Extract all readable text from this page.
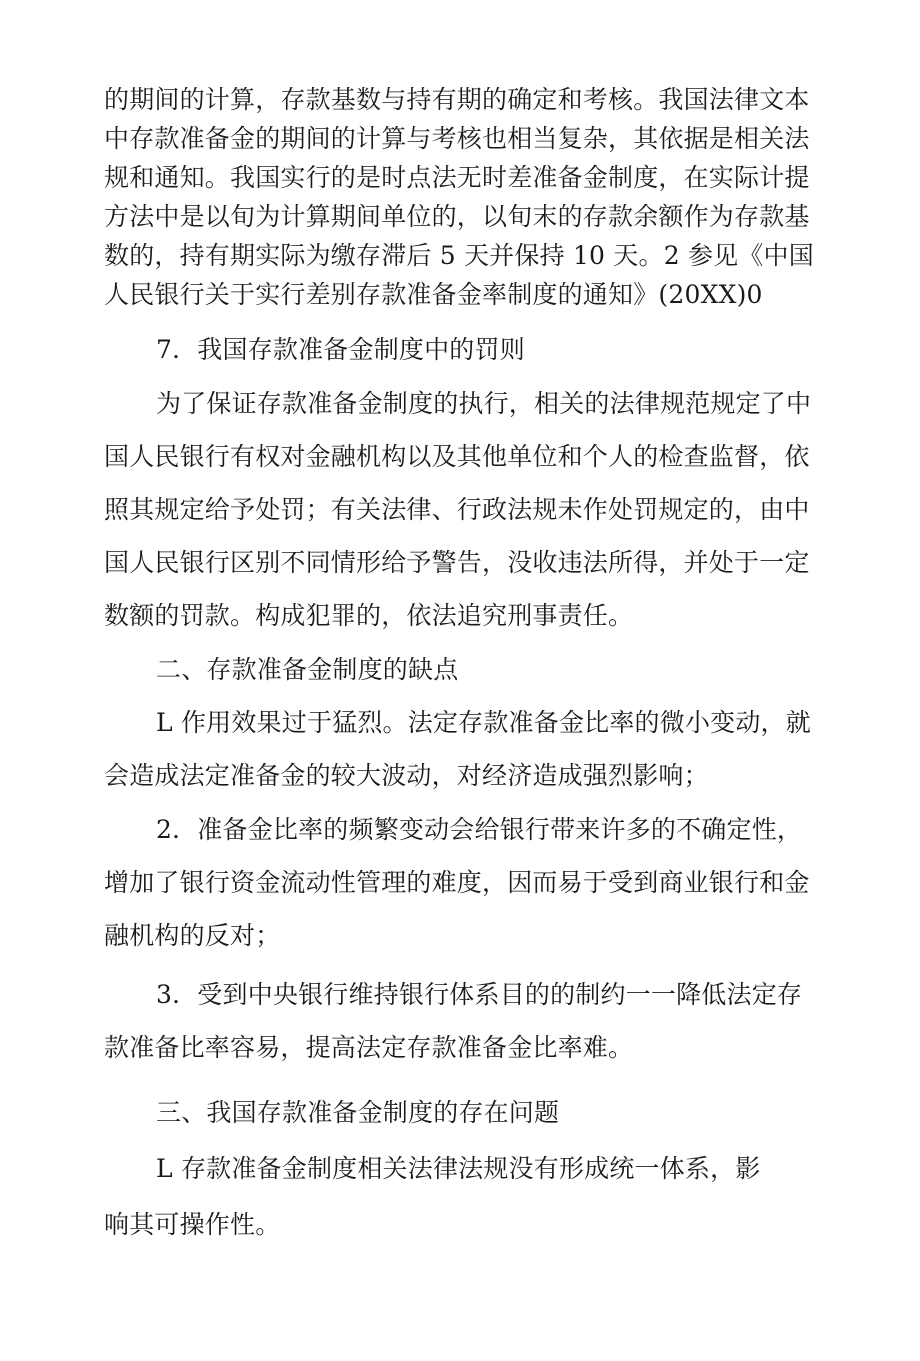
的期间的计算，存款基数与持有期的确定和考核。我国法律文本
中存款准备金的期间的计算与考核也相当复杂，其依据是相关法
规和通知。我国实行的是时点法无时差准备金制度，在实际计提
方法中是以旬为计算期间单位的，以旬末的存款余额作为存款基
数的，持有期实际为缴存滞后 5 天并保持 10 天。2 参见《中国
人民银行关于实行差别存款准备金率制度的通知》(20XX)0
7．我国存款准备金制度中的罚则
为了保证存款准备金制度的执行，相关的法律规范规定了中
国人民银行有权对金融机构以及其他单位和个人的检查监督，依
照其规定给予处罚；有关法律、行政法规未作处罚规定的，由中
国人民银行区别不同情形给予警告，没收违法所得，并处于一定
数额的罚款。构成犯罪的，依法追究刑事责任。
二、存款准备金制度的缺点
L 作用效果过于猛烈。法定存款准备金比率的微小变动，就
会造成法定准备金的较大波动，对经济造成强烈影响；
2．准备金比率的频繁变动会给银行带来许多的不确定性，
增加了银行资金流动性管理的难度，因而易于受到商业银行和金
融机构的反对；
3．受到中央银行维持银行体系目的的制约一一降低法定存
款准备比率容易，提高法定存款准备金比率难。
三、我国存款准备金制度的存在问题
L 存款准备金制度相关法律法规没有形成统一体系，影
响其可操作性。
